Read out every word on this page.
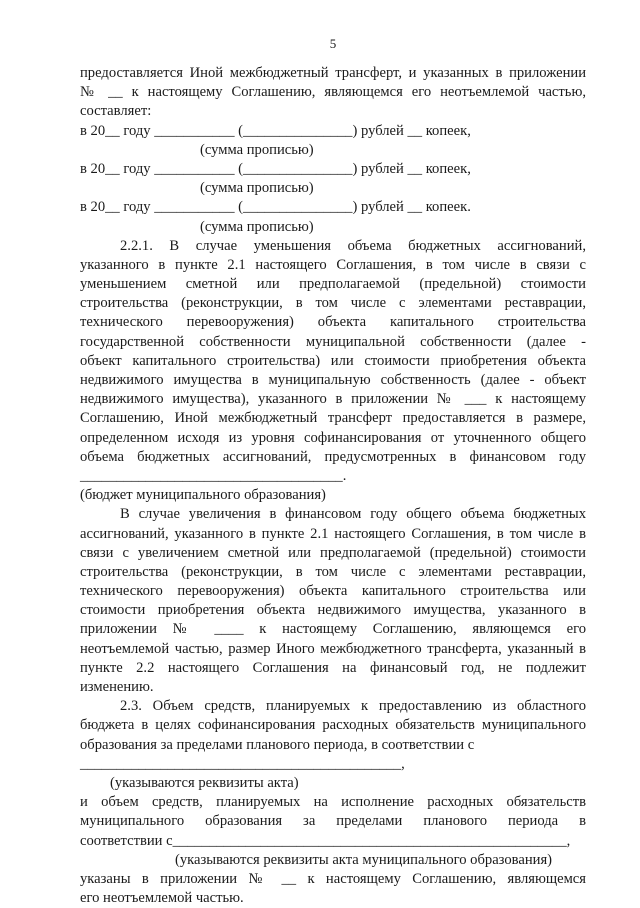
5
предоставляется Иной межбюджетный трансферт, и указанных в приложении
№ __ к настоящему Соглашению, являющемся его неотъемлемой частью,
составляет:
в 20__ году ___________ (_______________) рублей __ копеек,
(сумма прописью)
в 20__ году ___________ (_______________) рублей __ копеек,
(сумма прописью)
в 20__ году ___________ (_______________) рублей __ копеек.
(сумма прописью)
2.2.1. В случае уменьшения объема бюджетных ассигнований,
указанного в пункте 2.1 настоящего Соглашения, в том числе в связи с
уменьшением сметной или предполагаемой (предельной) стоимости
строительства (реконструкции, в том числе с элементами реставрации,
технического перевооружения) объекта капитального строительства
государственной собственности муниципальной собственности (далее -
объект капитального строительства) или стоимости приобретения объекта
недвижимого имущества в муниципальную собственность (далее - объект
недвижимого имущества), указанного в приложении № ___ к настоящему
Соглашению, Иной межбюджетный трансферт предоставляется в размере,
определенном исходя из уровня софинансирования от уточненного общего
объема бюджетных ассигнований, предусмотренных в финансовом году
____________________________________.
(бюджет муниципального образования)
В случае увеличения в финансовом году общего объема бюджетных
ассигнований, указанного в пункте 2.1 настоящего Соглашения, в том числе в
связи с увеличением сметной или предполагаемой (предельной) стоимости
строительства (реконструкции, в том числе с элементами реставрации,
технического перевооружения) объекта капитального строительства или
стоимости приобретения объекта недвижимого имущества, указанного в
приложении № ____ к настоящему Соглашению, являющемся его
неотъемлемой частью, размер Иного межбюджетного трансферта, указанный в
пункте 2.2 настоящего Соглашения на финансовый год, не подлежит
изменению.
2.3. Объем средств, планируемых к предоставлению из областного
бюджета в целях софинансирования расходных обязательств муниципального
образования за пределами планового периода, в соответствии с
____________________________________________,
(указываются реквизиты акта)
и объем средств, планируемых на исполнение расходных обязательств
муниципального образования за пределами планового периода в
соответствии с______________________________________________________,
(указываются реквизиты акта муниципального образования)
указаны в приложении № __ к настоящему Соглашению, являющемся
его неотъемлемой частью.
